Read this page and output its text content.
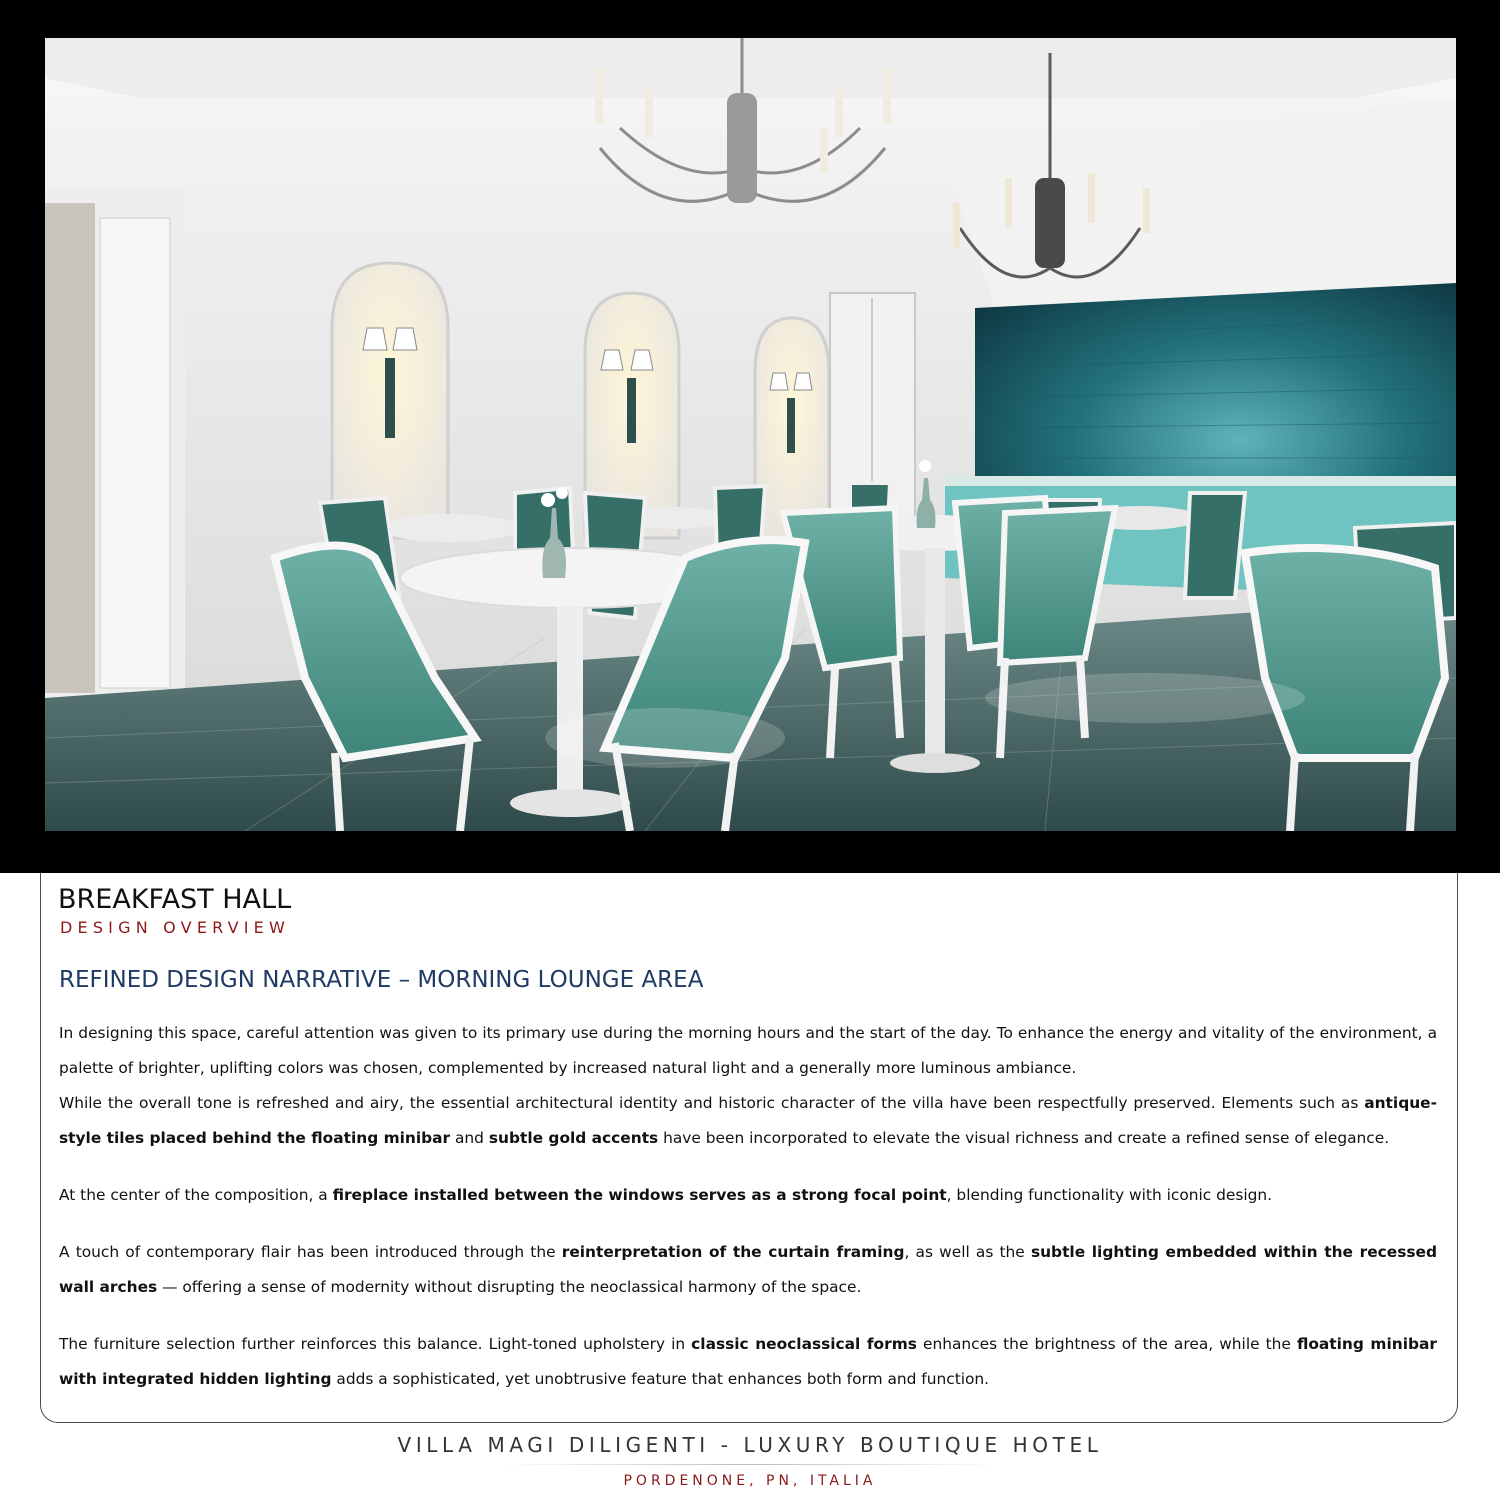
BREAKFAST HALL
DESIGN OVERVIEW
REFINED DESIGN NARRATIVE – MORNING LOUNGE AREA

In designing this space, careful attention was given to its primary use during the morning hours and the start of the day. To enhance the energy and vitality of the environment, a palette of brighter, uplifting colors was chosen, complemented by increased natural light and a generally more luminous ambiance.

While the overall tone is refreshed and airy, the essential architectural identity and historic character of the villa have been respectfully preserved. Elements such as antique-style tiles placed behind the floating minibar and subtle gold accents have been incorporated to elevate the visual richness and create a refined sense of elegance.

At the center of the composition, a fireplace installed between the windows serves as a strong focal point, blending functionality with iconic design.

A touch of contemporary flair has been introduced through the reinterpretation of the curtain framing, as well as the subtle lighting embedded within the recessed wall arches — offering a sense of modernity without disrupting the neoclassical harmony of the space.

The furniture selection further reinforces this balance. Light-toned upholstery in classic neoclassical forms enhances the brightness of the area, while the floating minibar with integrated hidden lighting adds a sophisticated, yet unobtrusive feature that enhances both form and function.

VILLA MAGI DILIGENTI - LUXURY BOUTIQUE HOTEL
PORDENONE, PN, ITALIA
